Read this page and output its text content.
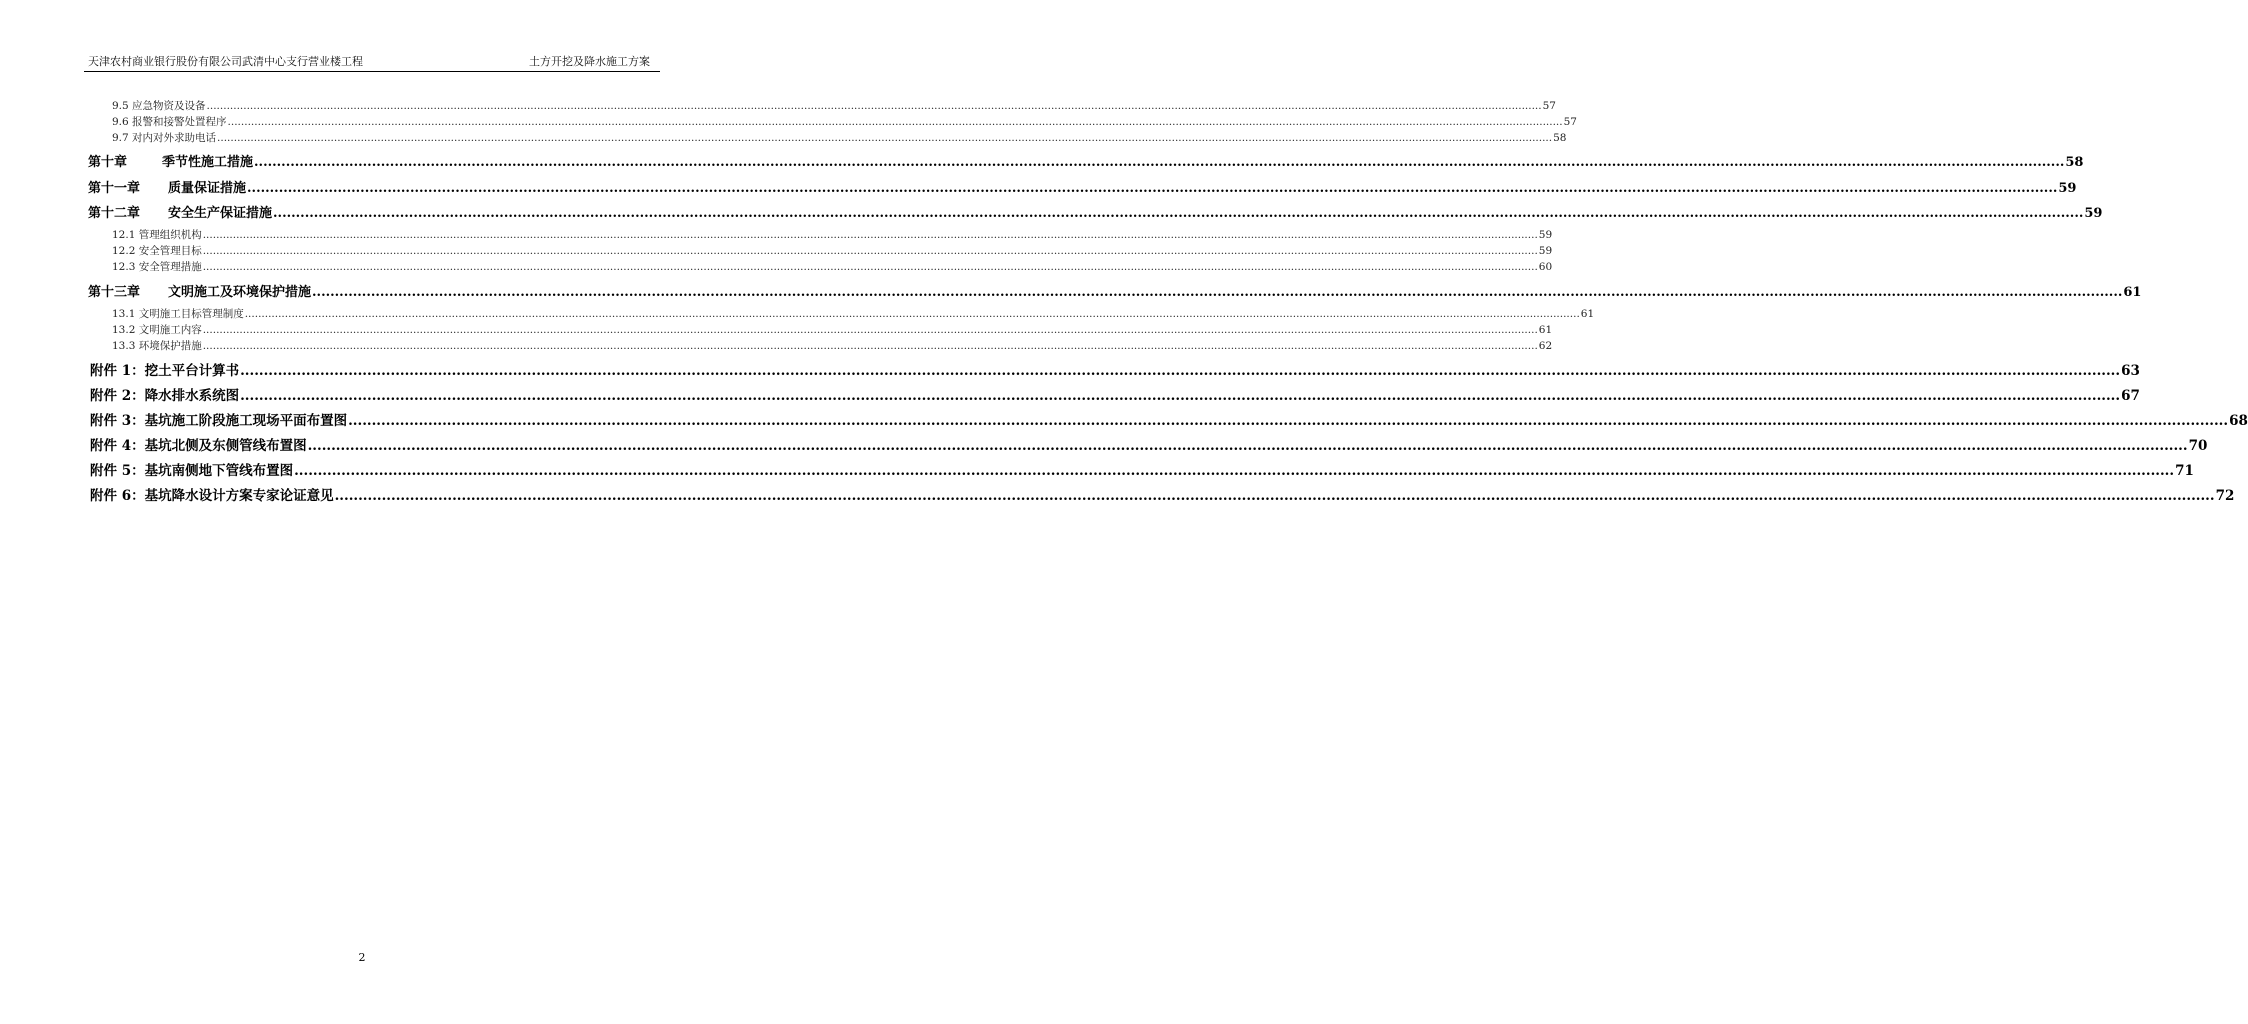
天津农村商业银行股份有限公司武清中心支行营业楼工程	土方开挖及降水施工方案
9.5 应急物资及设备 ................................................................................................................................................................................................................................................................................................................................................................................................................ 57
9.6 报警和接警处置程序 ................................................................................................................................................................................................................................................................................................................................................................................................................ 57
9.7 对内对外求助电话 ................................................................................................................................................................................................................................................................................................................................................................................................................ 58
第十章	季节性施工措施 ................................................................................................................................................................................................................................................................................................................................................................................................................ 58
第十一章 质量保证措施 ................................................................................................................................................................................................................................................................................................................................................................................................................ 59
第十二章 安全生产保证措施 ................................................................................................................................................................................................................................................................................................................................................................................................................ 59
12.1 管理组织机构 ................................................................................................................................................................................................................................................................................................................................................................................................................ 59
12.2 安全管理目标 ................................................................................................................................................................................................................................................................................................................................................................................................................ 59
12.3 安全管理措施 ................................................................................................................................................................................................................................................................................................................................................................................................................ 60
第十三章 文明施工及环境保护措施 ................................................................................................................................................................................................................................................................................................................................................................................................................ 61
13.1 文明施工目标管理制度 ................................................................................................................................................................................................................................................................................................................................................................................................................ 61
13.2 文明施工内容 ................................................................................................................................................................................................................................................................................................................................................................................................................ 61
13.3 环境保护措施 ................................................................................................................................................................................................................................................................................................................................................................................................................ 62
附件 1：挖土平台计算书 ................................................................................................................................................................................................................................................................................................................................................................................................................ 63
附件 2：降水排水系统图 ................................................................................................................................................................................................................................................................................................................................................................................................................ 67
附件 3：基坑施工阶段施工现场平面布置图 ................................................................................................................................................................................................................................................................................................................................................................................................................ 68
附件 4：基坑北侧及东侧管线布置图 ................................................................................................................................................................................................................................................................................................................................................................................................................ 70
附件 5：基坑南侧地下管线布置图 ................................................................................................................................................................................................................................................................................................................................................................................................................ 71
附件 6：基坑降水设计方案专家论证意见 ................................................................................................................................................................................................................................................................................................................................................................................................................ 72
2
